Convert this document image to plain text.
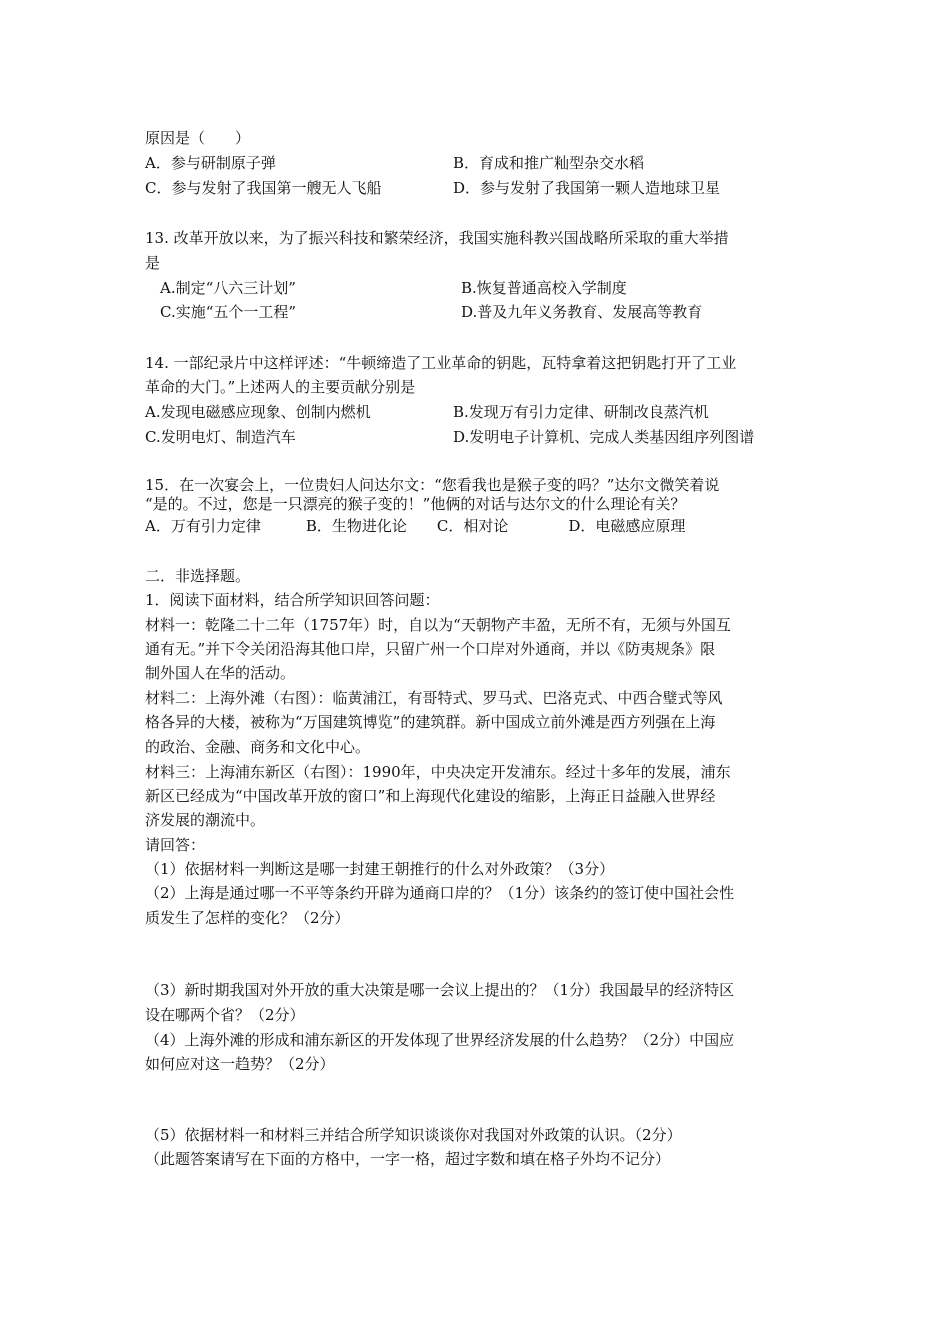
原因是（　　）
A．参与研制原子弹	B．育成和推广籼型杂交水稻
C．参与发射了我国第一艘无人飞船	D．参与发射了我国第一颗人造地球卫星
13. 改革开放以来，为了振兴科技和繁荣经济，我国实施科教兴国战略所采取的重大举措
是
A.制定“八六三计划”	B.恢复普通高校入学制度
C.实施“五个一工程”	D.普及九年义务教育、发展高等教育
14. 一部纪录片中这样评述：“牛顿缔造了工业革命的钥匙，瓦特拿着这把钥匙打开了工业
革命的大门。”上述两人的主要贡献分别是
A.发现电磁感应现象、创制内燃机	B.发现万有引力定律、研制改良蒸汽机
C.发明电灯、制造汽车	D.发明电子计算机、完成人类基因组序列图谱
15．在一次宴会上，一位贵妇人问达尔文：“您看我也是猴子变的吗？”达尔文微笑着说
“是的。不过，您是一只漂亮的猴子变的！”他俩的对话与达尔文的什么理论有关？
A．万有引力定律　　　B．生物进化论　　C．相对论　　　　D．电磁感应原理
二．非选择题。
1．阅读下面材料，结合所学知识回答问题：
材料一：乾隆二十二年（1757年）时，自以为“天朝物产丰盈，无所不有，无须与外国互
通有无。”并下令关闭沿海其他口岸，只留广州一个口岸对外通商，并以《防夷规条》限
制外国人在华的活动。
材料二：上海外滩（右图）：临黄浦江，有哥特式、罗马式、巴洛克式、中西合璧式等风
格各异的大楼，被称为“万国建筑博览”的建筑群。新中国成立前外滩是西方列强在上海
的政治、金融、商务和文化中心。
材料三：上海浦东新区（右图）：1990年，中央决定开发浦东。经过十多年的发展，浦东
新区已经成为“中国改革开放的窗口”和上海现代化建设的缩影，上海正日益融入世界经
济发展的潮流中。
请回答：
（1）依据材料一判断这是哪一封建王朝推行的什么对外政策？（3分）
（2）上海是通过哪一不平等条约开辟为通商口岸的？（1分）该条约的签订使中国社会性
质发生了怎样的变化？（2分）
（3）新时期我国对外开放的重大决策是哪一会议上提出的？（1分）我国最早的经济特区
设在哪两个省？（2分）
（4）上海外滩的形成和浦东新区的开发体现了世界经济发展的什么趋势？（2分）中国应
如何应对这一趋势？（2分）
（5）依据材料一和材料三并结合所学知识谈谈你对我国对外政策的认识。（2分）
（此题答案请写在下面的方格中，一字一格，超过字数和填在格子外均不记分）
